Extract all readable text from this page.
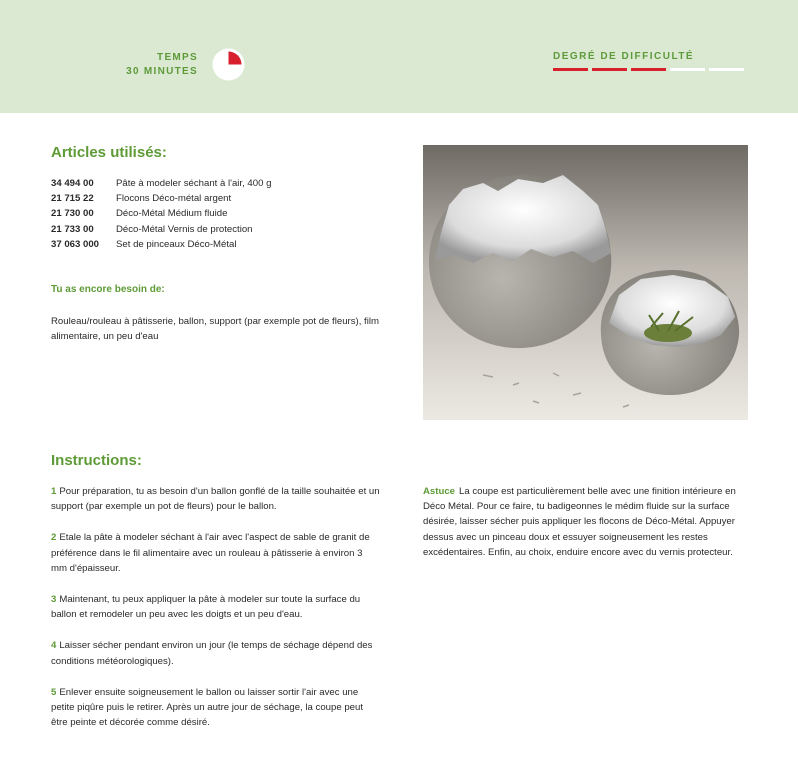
TEMPS
30 MINUTES
DEGRÉ DE DIFFICULTÉ
Articles utilisés:
34 494 00	Pâte à modeler séchant à l'air, 400 g
21 715 22	Flocons Déco-métal argent
21 730 00	Déco-Métal Médium fluide
21 733 00	Déco-Métal Vernis de protection
37 063 000	Set de pinceaux Déco-Métal
Tu as encore besoin de:
Rouleau/rouleau à pâtisserie, ballon, support (par exemple pot de fleurs), film alimentaire, un peu d'eau
Instructions:
1 Pour préparation, tu as besoin d'un ballon gonflé de la taille souhaitée et un support (par exemple un pot de fleurs) pour le ballon.
2 Etale la pâte à modeler séchant à l'air avec l'aspect de sable de granit de préférence dans le fil alimentaire avec un rouleau à pâtisserie à environ 3 mm d'épaisseur.
3 Maintenant, tu peux appliquer la pâte à modeler sur toute la surface du ballon et remodeler un peu avec les doigts et un peu d'eau.
4 Laisser sécher pendant environ un jour (le temps de séchage dépend des conditions météorologiques).
5 Enlever ensuite soigneusement le ballon ou laisser sortir l'air avec une petite piqûre puis le retirer. Après un autre jour de séchage, la coupe peut être peinte et décorée comme désiré.
Astuce La coupe est particulièrement belle avec une finition intérieure en Déco Métal. Pour ce faire, tu badigeonnes le médim fluide sur la surface désirée, laisser sécher puis appliquer les flocons de Déco-Métal. Appuyer dessus avec un pinceau doux et essuyer soigneusement les restes excédentaires. Enfin, au choix, enduire encore avec du vernis protecteur.
